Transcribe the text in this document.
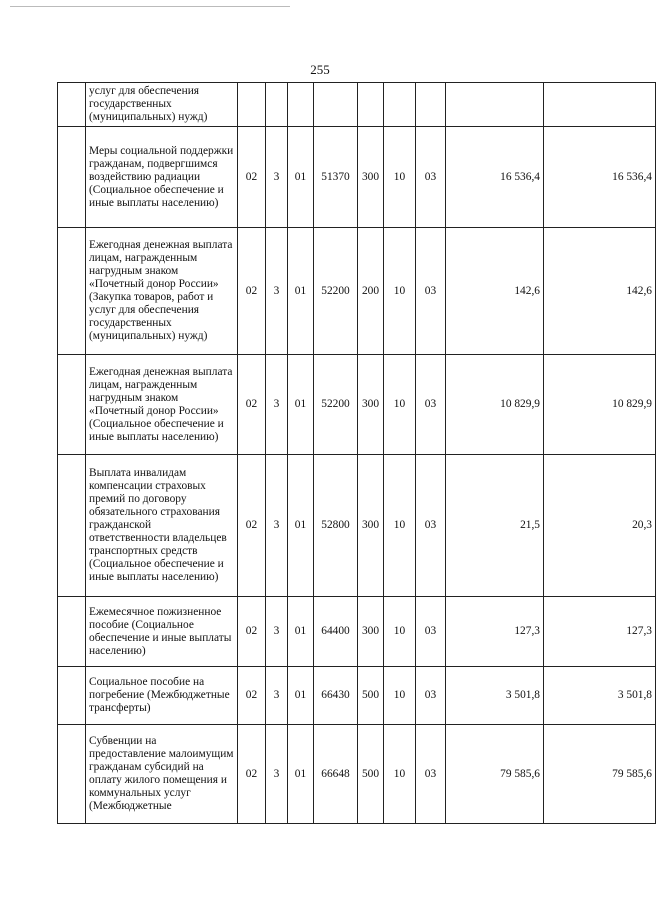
255
	услуг для обеспечения государственных (муниципальных) нужд)									
	Меры социальной поддержки гражданам, подвергшимся воздействию радиации (Социальное обеспечение и иные выплаты населению)	02	3	01	51370	300	10	03	16 536,4	16 536,4
	Ежегодная денежная выплата лицам, награжденным нагрудным знаком «Почетный донор России» (Закупка товаров, работ и услуг для обеспечения государственных (муниципальных) нужд)	02	3	01	52200	200	10	03	142,6	142,6
	Ежегодная денежная выплата лицам, награжденным нагрудным знаком «Почетный донор России» (Социальное обеспечение и иные выплаты населению)	02	3	01	52200	300	10	03	10 829,9	10 829,9
	Выплата инвалидам компенсации страховых премий по договору обязательного страхования гражданской ответственности владельцев транспортных средств (Социальное обеспечение и иные выплаты населению)	02	3	01	52800	300	10	03	21,5	20,3
	Ежемесячное пожизненное пособие (Социальное обеспечение и иные выплаты населению)	02	3	01	64400	300	10	03	127,3	127,3
	Социальное пособие на погребение (Межбюджетные трансферты)	02	3	01	66430	500	10	03	3 501,8	3 501,8
	Субвенции на предоставление малоимущим гражданам субсидий на оплату жилого помещения и коммунальных услуг (Межбюджетные	02	3	01	66648	500	10	03	79 585,6	79 585,6
